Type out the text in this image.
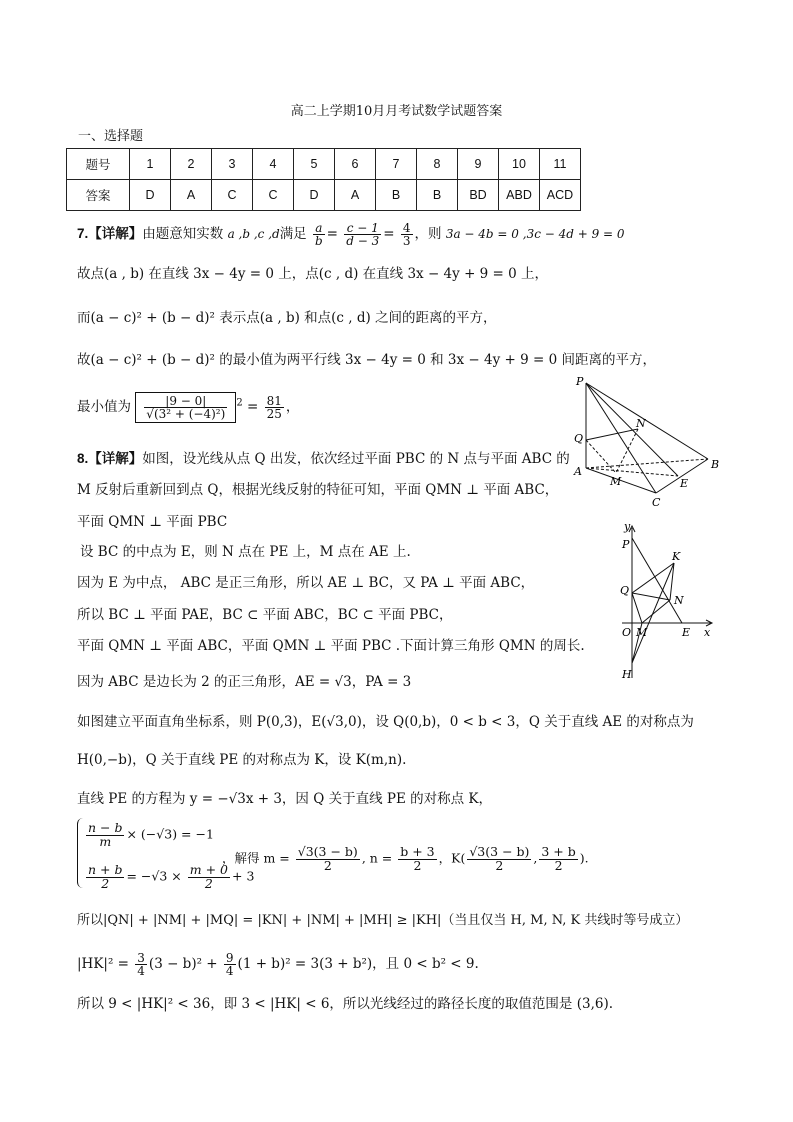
高二上学期10月月考试数学试题答案
一、选择题
题号	1	2	3	4	5	6	7	8	9	10	11
答案	D	A	C	C	D	A	B	B	BD	ABD	ACD
7.【详解】由题意知实数 a ,b ,c ,d满足 $\frac{a}{b} = \frac{c - 1}{d - 3} = \frac{4}{3}$ ，则 3a − 4b = 0 ,3c − 4d + 9 = 0
故点(a , b) 在直线 3x − 4y = 0 上，点(c , d) 在直线 3x − 4y + 9 = 0 上，
而(a − c)² + (b − d)² 表示点(a , b) 和点(c , d) 之间的距离的平方，
故(a − c)² + (b − d)² 的最小值为两平行线 3x − 4y = 0 和 3x − 4y + 9 = 0 间距离的平方，
最小值为 $\frac{|9 - 0|}{\text{√(3² + (−4)²)}} ^2 = \frac{81}{25}$ ，
8.【详解】如图，设光线从点 Q 出发，依次经过平面 PBC 的 N 点与平面 ABC 的
M 反射后重新回到点 Q，根据光线反射的特征可知，平面 QMN ⊥ 平面 ABC，
平面 QMN ⊥ 平面 PBC
设 BC 的中点为 E，则 N 点在 PE 上，M 点在 AE 上.
因为 E 为中点， ABC 是正三角形，所以 AE ⊥ BC，又 PA ⊥ 平面 ABC，
所以 BC ⊥ 平面 PAE，BC ⊂ 平面 ABC，BC ⊂ 平面 PBC，
平面 QMN ⊥ 平面 ABC，平面 QMN ⊥ 平面 PBC .下面计算三角形 QMN 的周长.
因为 ABC 是边长为 2 的正三角形，AE = √3，PA = 3
如图建立平面直角坐标系，则 P(0,3)，E(√3,0)，设 Q(0,b)，0 < b < 3，Q 关于直线 AE 的对称点为
H(0,−b)，Q 关于直线 PE 的对称点为 K，设 K(m,n).
直线 PE 的方程为 y = −√3x + 3，因 Q 关于直线 PE 的对称点 K，
$\frac{n - b}{m} \times (-√3) = -1$
$\frac{n + b}{2} = -√3 \times \frac{m + 0}{2} + 3$
，解得 $m = \frac{√3(3 - b)}{2}$ , $n = \frac{b + 3}{2}$ ，$K( \frac{√3(3 - b)}{2}$ , $\frac{3 + b}{2}$ ).
所以|QN| + |NM| + |MQ| = |KN| + |NM| + |MH| ≥ |KH|（当且仅当 H, M, N, K 共线时等号成立）
$|HK|^2 = \frac{3}{4} (3 - b)^2 + \frac{9}{4} (1 + b)^2 = 3(3 + b^2)$，且 0 < b² < 9.
所以 9 < |HK|² < 36，即 3 < |HK| < 6，所以光线经过的路径长度的取值范围是 (3,6).
P
Q
A
M
N
B
E
C
y
P
K
Q
N
O M	E x
H
